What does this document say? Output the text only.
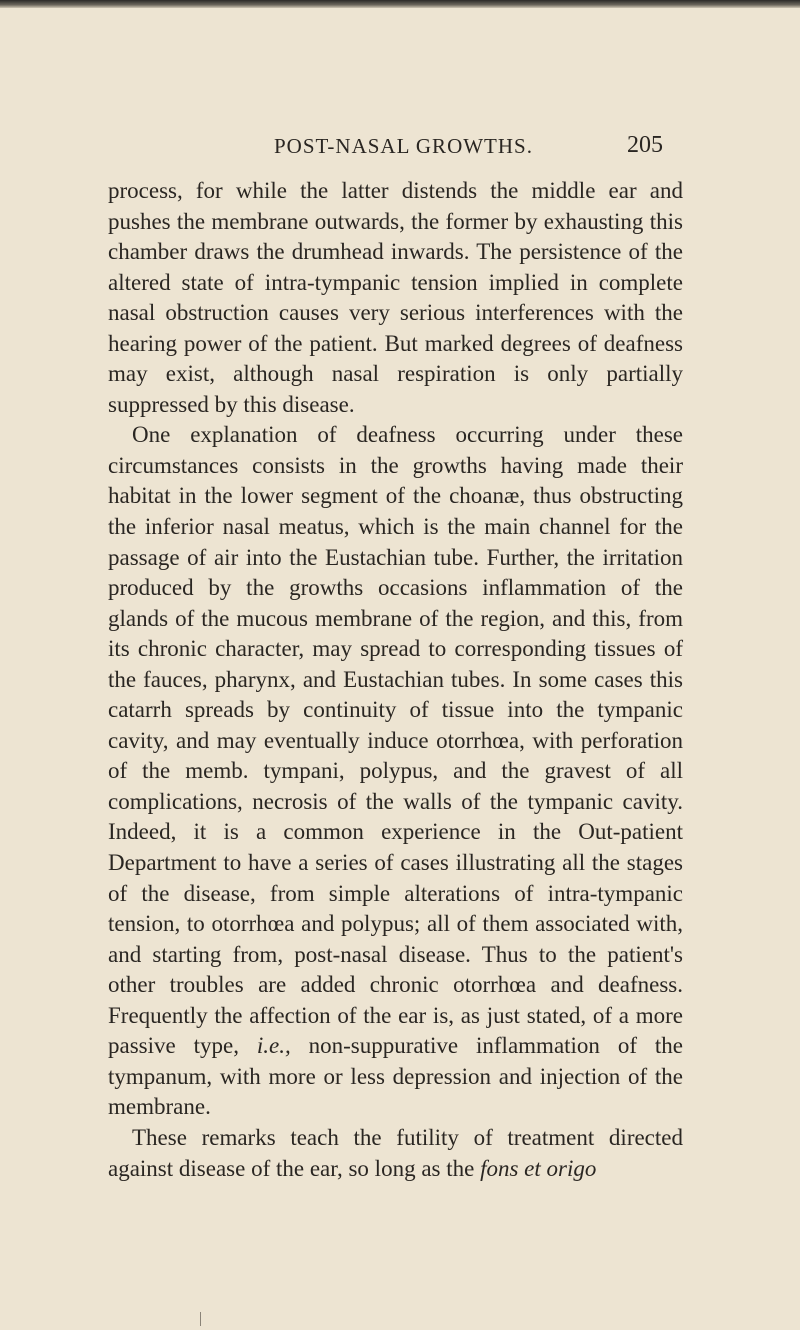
POST-NASAL GROWTHS.	205

process, for while the latter distends the middle ear and pushes the membrane outwards, the former by exhausting this chamber draws the drumhead inwards. The persistence of the altered state of intra-tympanic tension implied in complete nasal obstruction causes very serious interferences with the hearing power of the patient. But marked degrees of deafness may exist, although nasal respiration is only partially suppressed by this disease.

One explanation of deafness occurring under these circumstances consists in the growths having made their habitat in the lower segment of the choanæ, thus obstructing the inferior nasal meatus, which is the main channel for the passage of air into the Eustachian tube. Further, the irritation produced by the growths occasions inflammation of the glands of the mucous membrane of the region, and this, from its chronic character, may spread to corresponding tissues of the fauces, pharynx, and Eustachian tubes. In some cases this catarrh spreads by continuity of tissue into the tympanic cavity, and may eventually induce otorrhœa, with perforation of the memb. tympani, polypus, and the gravest of all complications, necrosis of the walls of the tympanic cavity. Indeed, it is a common experience in the Out-patient Department to have a series of cases illustrating all the stages of the disease, from simple alterations of intra-tympanic tension, to otorrhœa and polypus; all of them associated with, and starting from, post-nasal disease. Thus to the patient's other troubles are added chronic otorrhœa and deafness. Frequently the affection of the ear is, as just stated, of a more passive type, i.e., non-suppurative inflammation of the tympanum, with more or less depression and injection of the membrane.

These remarks teach the futility of treatment directed against disease of the ear, so long as the fons et origo
